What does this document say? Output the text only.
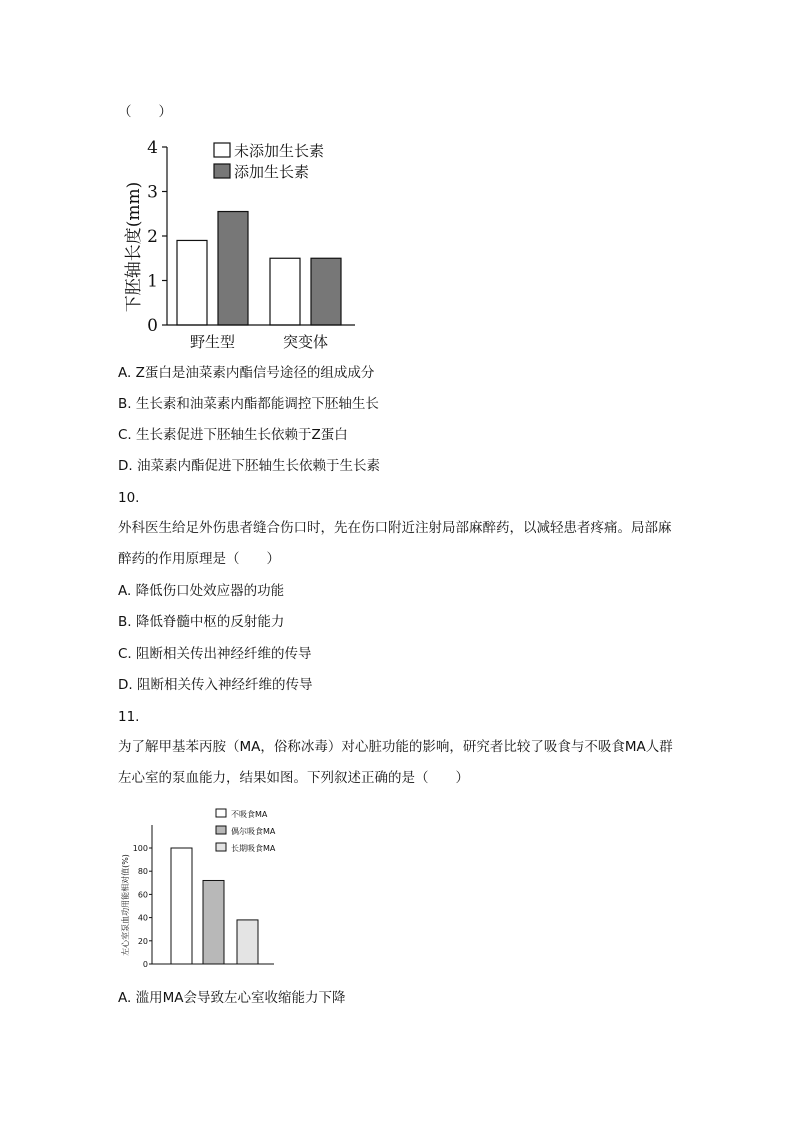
（　　）
下胚轴长度(mm)
0
1
2
3
4
野生型	突变体
未添加生长素
添加生长素
A. Z蛋白是油菜素内酯信号途径的组成成分
B. 生长素和油菜素内酯都能调控下胚轴生长
C. 生长素促进下胚轴生长依赖于Z蛋白
D. 油菜素内酯促进下胚轴生长依赖于生长素
10.
外科医生给足外伤患者缝合伤口时，先在伤口附近注射局部麻醉药，以减轻患者疼痛。局部麻醉药的作用原理是（　　）
A. 降低伤口处效应器的功能
B. 降低脊髓中枢的反射能力
C. 阻断相关传出神经纤维的传导
D. 阻断相关传入神经纤维的传导
11.
为了解甲基苯丙胺（MA，俗称冰毒）对心脏功能的影响，研究者比较了吸食与不吸食MA人群左心室的泵血能力，结果如图。下列叙述正确的是（　　）
左心室泵血功用能相对值(%)
0
20
40
60
80
100
不吸食MA
偶尔吸食MA
长期吸食MA
A. 滥用MA会导致左心室收缩能力下降
